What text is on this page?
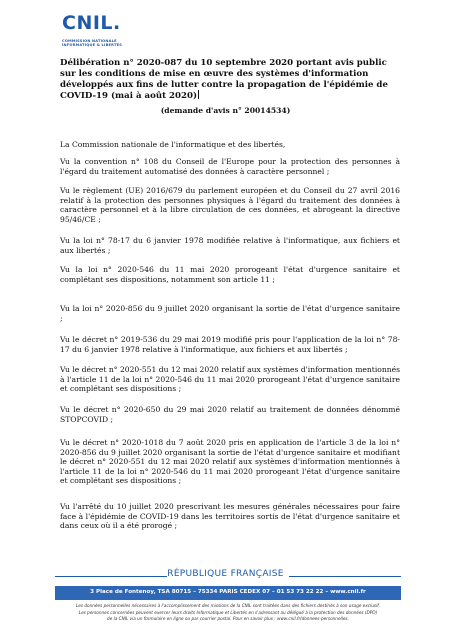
CNIL.
COMMISSION NATIONALE
INFORMATIQUE & LIBERTÉS
Délibération n° 2020-087 du 10 septembre 2020 portant avis public sur les conditions de mise en œuvre des systèmes d'information développés aux fins de lutter contre la propagation de l'épidémie de COVID-19 (mai à août 2020)
(demande d'avis n° 20014534)

La Commission nationale de l'informatique et des libertés,

Vu la convention n° 108 du Conseil de l'Europe pour la protection des personnes à l'égard du traitement automatisé des données à caractère personnel ;

Vu le règlement (UE) 2016/679 du parlement européen et du Conseil du 27 avril 2016 relatif à la protection des personnes physiques à l'égard du traitement des données à caractère personnel et à la libre circulation de ces données, et abrogeant la directive 95/46/CE ;

Vu la loi n° 78-17 du 6 janvier 1978 modifiée relative à l'informatique, aux fichiers et aux libertés ;

Vu la loi n° 2020-546 du 11 mai 2020 prorogeant l'état d'urgence sanitaire et complétant ses dispositions, notamment son article 11 ;

Vu la loi n° 2020-856 du 9 juillet 2020 organisant la sortie de l'état d'urgence sanitaire ;

Vu le décret n° 2019-536 du 29 mai 2019 modifié pris pour l'application de la loi n° 78-17 du 6 janvier 1978 relative à l'informatique, aux fichiers et aux libertés ;

Vu le décret n° 2020-551 du 12 mai 2020 relatif aux systèmes d'information mentionnés à l'article 11 de la loi n° 2020-546 du 11 mai 2020 prorogeant l'état d'urgence sanitaire et complétant ses dispositions ;

Vu le décret n° 2020-650 du 29 mai 2020 relatif au traitement de données dénommé STOPCOVID ;

Vu le décret n° 2020-1018 du 7 août 2020 pris en application de l'article 3 de la loi n° 2020-856 du 9 juillet 2020 organisant la sortie de l'état d'urgence sanitaire et modifiant le décret n° 2020-551 du 12 mai 2020 relatif aux systèmes d'information mentionnés à l'article 11 de la loi n° 2020-546 du 11 mai 2020 prorogeant l'état d'urgence sanitaire et complétant ses dispositions ;

Vu l'arrêté du 10 juillet 2020 prescrivant les mesures générales nécessaires pour faire face à l'épidémie de COVID-19 dans les territoires sortis de l'état d'urgence sanitaire et dans ceux où il a été prorogé ;

RÉPUBLIQUE FRANÇAISE
3 Place de Fontenoy, TSA 80715 – 75334 PARIS CEDEX 07 – 01 53 73 22 22 – www.cnil.fr
Les données personnelles nécessaires à l'accomplissement des missions de la CNIL sont traitées dans des fichiers destinés à son usage exclusif.
Les personnes concernées peuvent exercer leurs droits Informatique et Libertés en s'adressant au délégué à la protection des données (DPO)
de la CNIL via un formulaire en ligne ou par courrier postal. Pour en savoir plus : www.cnil.fr/donnees-personnelles.
